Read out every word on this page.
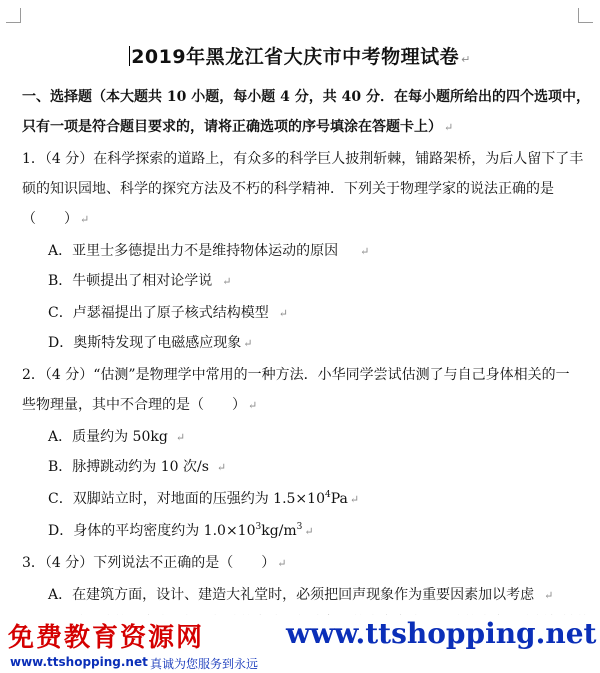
2019年黑龙江省大庆市中考物理试卷 ↵
一、选择题（本大题共 10 小题，每小题 4 分，共 40 分．在每小题所给出的四个选项中，
只有一项是符合题目要求的，请将正确选项的序号填涂在答题卡上） ↵
1．（4 分）在科学探索的道路上，有众多的科学巨人披荆斩棘，铺路架桥，为后人留下了丰
硕的知识园地、科学的探究方法及不朽的科学精神．下列关于物理学家的说法正确的是
（　　） ↵
A．亚里士多德提出力不是维持物体运动的原因 ↵
B．牛顿提出了相对论学说 ↵
C．卢瑟福提出了原子核式结构模型 ↵
D．奥斯特发现了电磁感应现象 ↵
2．（4 分）“估测”是物理学中常用的一种方法．小华同学尝试估测了与自己身体相关的一
些物理量，其中不合理的是（　　） ↵
A．质量约为 50kg ↵
B．脉搏跳动约为 10 次/s ↵
C．双脚站立时，对地面的压强约为 $1.5\times 10^4Pa$ ↵
D．身体的平均密度约为 $1.0\times 10^3kg/m^3$ ↵
3．（4 分）下列说法不正确的是（　　） ↵
A．在建筑方面，设计、建造大礼堂时，必须把回声现象作为重要因素加以考虑 ↵
免费教育资源网	www.ttshopping.net
www.ttshopping.net 真诚为您服务到永远
